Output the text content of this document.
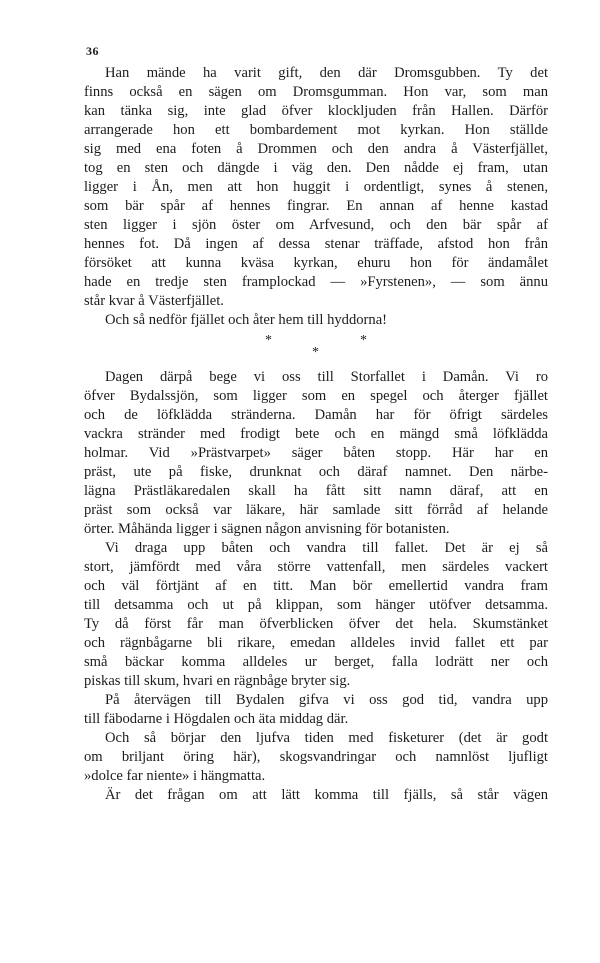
36
Han mände ha varit gift, den där Dromsgubben. Ty det
finns också en sägen om Dromsgumman. Hon var, som man
kan tänka sig, inte glad öfver klockljuden från Hallen. Därför
arrangerade hon ett bombardement mot kyrkan. Hon ställde
sig med ena foten å Drommen och den andra å Västerfjället,
tog en sten och dängde i väg den. Den nådde ej fram, utan
ligger i Ån, men att hon huggit i ordentligt, synes å stenen,
som bär spår af hennes fingrar. En annan af henne kastad
sten ligger i sjön öster om Arfvesund, och den bär spår af
hennes fot. Då ingen af dessa stenar träffade, afstod hon från
försöket att kunna kväsa kyrkan, ehuru hon för ändamålet
hade en tredje sten framplockad — »Fyrstenen», — som ännu
står kvar å Västerfjället.
Och så nedför fjället och åter hem till hyddorna!
*
*
*
Dagen därpå bege vi oss till Storfallet i Damån. Vi ro
öfver Bydalssjön, som ligger som en spegel och återger fjället
och de löfklädda stränderna. Damån har för öfrigt särdeles
vackra stränder med frodigt bete och en mängd små löfklädda
holmar. Vid »Prästvarpet» säger båten stopp. Här har en
präst, ute på fiske, drunknat och däraf namnet. Den närbe-
lägna Prästläkaredalen skall ha fått sitt namn däraf, att en
präst som också var läkare, här samlade sitt förråd af helande
örter. Måhända ligger i sägnen någon anvisning för botanisten.
Vi draga upp båten och vandra till fallet. Det är ej så
stort, jämfördt med våra större vattenfall, men särdeles vackert
och väl förtjänt af en titt. Man bör emellertid vandra fram
till detsamma och ut på klippan, som hänger utöfver detsamma.
Ty då först får man öfverblicken öfver det hela. Skumstänket
och rägnbågarne bli rikare, emedan alldeles invid fallet ett par
små bäckar komma alldeles ur berget, falla lodrätt ner och
piskas till skum, hvari en rägnbåge bryter sig.
På återvägen till Bydalen gifva vi oss god tid, vandra upp
till fäbodarne i Högdalen och äta middag där.
Och så börjar den ljufva tiden med fisketurer (det är godt
om briljant öring här), skogsvandringar och namnlöst ljufligt
»dolce far niente» i hängmatta.
Är det frågan om att lätt komma till fjälls, så står vägen
